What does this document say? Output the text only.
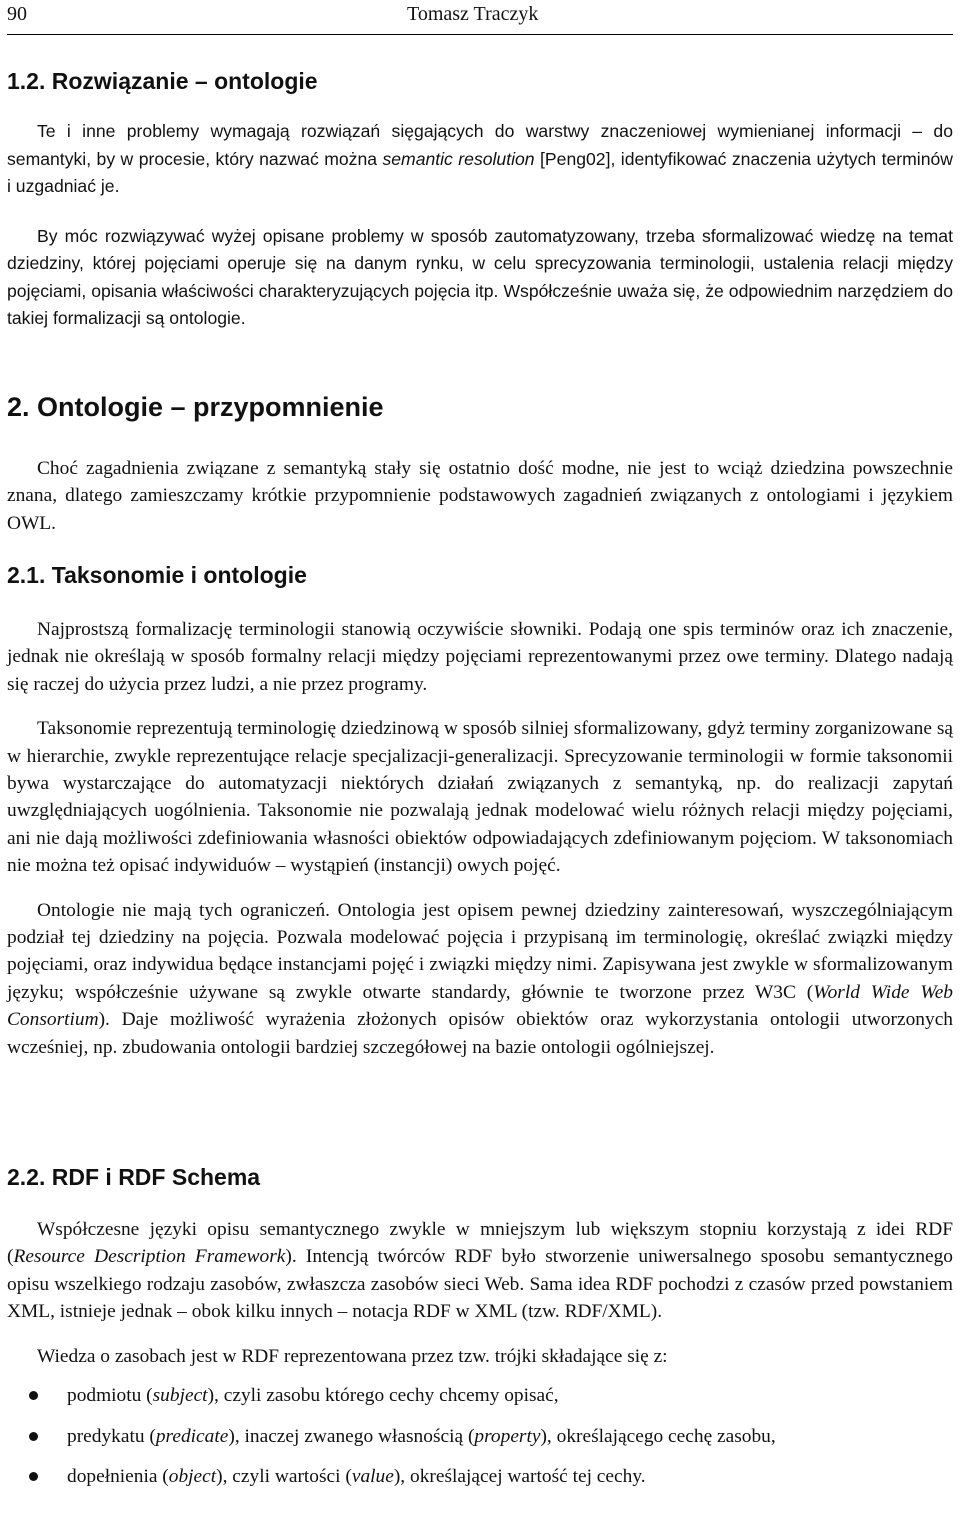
90	Tomasz Traczyk
1.2. Rozwiązanie – ontologie

Te i inne problemy wymagają rozwiązań sięgających do warstwy znaczeniowej wymienianej informacji – do semantyki, by w procesie, który nazwać można semantic resolution [Peng02], identyfikować znaczenia użytych terminów i uzgadniać je.

By móc rozwiązywać wyżej opisane problemy w sposób zautomatyzowany, trzeba sformalizować wiedzę na temat dziedziny, której pojęciami operuje się na danym rynku, w celu sprecyzowania terminologii, ustalenia relacji między pojęciami, opisania właściwości charakteryzujących pojęcia itp. Współcześnie uważa się, że odpowiednim narzędziem do takiej formalizacji są ontologie.

2. Ontologie – przypomnienie

Choć zagadnienia związane z semantyką stały się ostatnio dość modne, nie jest to wciąż dziedzina powszechnie znana, dlatego zamieszczamy krótkie przypomnienie podstawowych zagadnień związanych z ontologiami i językiem OWL.

2.1. Taksonomie i ontologie

Najprostszą formalizację terminologii stanowią oczywiście słowniki. Podają one spis terminów oraz ich znaczenie, jednak nie określają w sposób formalny relacji między pojęciami reprezentowanymi przez owe terminy. Dlatego nadają się raczej do użycia przez ludzi, a nie przez programy.

Taksonomie reprezentują terminologię dziedzinową w sposób silniej sformalizowany, gdyż terminy zorganizowane są w hierarchie, zwykle reprezentujące relacje specjalizacji-generalizacji. Sprecyzowanie terminologii w formie taksonomii bywa wystarczające do automatyzacji niektórych działań związanych z semantyką, np. do realizacji zapytań uwzględniających uogólnienia. Taksonomie nie pozwalają jednak modelować wielu różnych relacji między pojęciami, ani nie dają możliwości zdefiniowania własności obiektów odpowiadających zdefiniowanym pojęciom. W taksonomiach nie można też opisać indywiduów – wystąpień (instancji) owych pojęć.

Ontologie nie mają tych ograniczeń. Ontologia jest opisem pewnej dziedziny zainteresowań, wyszczególniającym podział tej dziedziny na pojęcia. Pozwala modelować pojęcia i przypisaną im terminologię, określać związki między pojęciami, oraz indywidua będące instancjami pojęć i związki między nimi. Zapisywana jest zwykle w sformalizowanym języku; współcześnie używane są zwykle otwarte standardy, głównie te tworzone przez W3C (World Wide Web Consortium). Daje możliwość wyrażenia złożonych opisów obiektów oraz wykorzystania ontologii utworzonych wcześniej, np. zbudowania ontologii bardziej szczegółowej na bazie ontologii ogólniejszej.

2.2. RDF i RDF Schema

Współczesne języki opisu semantycznego zwykle w mniejszym lub większym stopniu korzystają z idei RDF (Resource Description Framework). Intencją twórców RDF było stworzenie uniwersalnego sposobu semantycznego opisu wszelkiego rodzaju zasobów, zwłaszcza zasobów sieci Web. Sama idea RDF pochodzi z czasów przed powstaniem XML, istnieje jednak – obok kilku innych – notacja RDF w XML (tzw. RDF/XML).

Wiedza o zasobach jest w RDF reprezentowana przez tzw. trójki składające się z:

podmiotu (subject), czyli zasobu którego cechy chcemy opisać,
predykatu (predicate), inaczej zwanego własnością (property), określającego cechę zasobu,
dopełnienia (object), czyli wartości (value), określającej wartość tej cechy.
